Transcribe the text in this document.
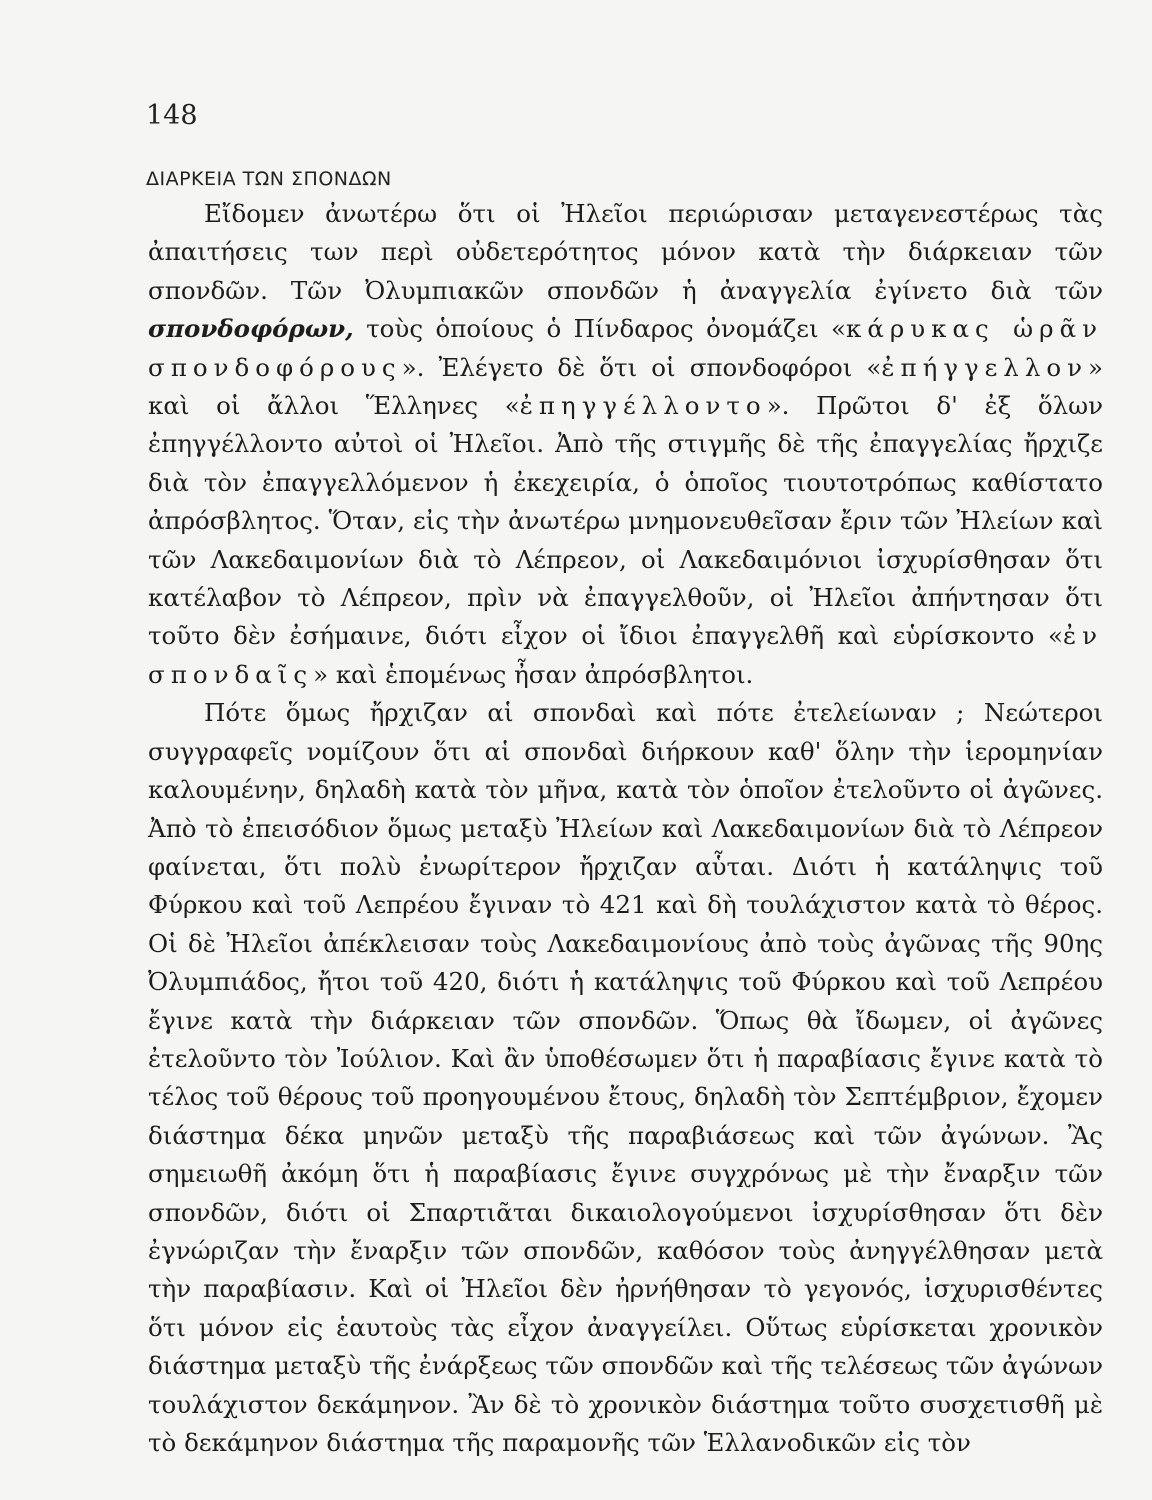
148
ΔΙΑΡΚΕΙΑ ΤΩΝ ΣΠΟΝΔΩΝ

Εἴδομεν ἀνωτέρω ὅτι οἱ Ἠλεῖοι περιώρισαν μεταγενεστέρως τὰς ἀπαιτήσεις των περὶ οὐδετερότητος μόνον κατὰ τὴν διάρκειαν τῶν σπονδῶν. Τῶν Ὀλυμπιακῶν σπονδῶν ἡ ἀναγγελία ἐγίνετο διὰ τῶν σπονδοφόρων, τοὺς ὁποίους ὁ Πίνδαρος ὀνομάζει «κάρυκας ὡρᾶν σπονδοφόρους». Ἐλέγετο δὲ ὅτι οἱ σπονδοφόροι «ἐπήγγελλον» καὶ οἱ ἄλλοι Ἕλληνες «ἐπηγγέλλοντο». Πρῶτοι δ' ἐξ ὅλων ἐπηγγέλλοντο αὐτοὶ οἱ Ἠλεῖοι. Ἀπὸ τῆς στιγμῆς δὲ τῆς ἐπαγγελίας ἤρχιζε διὰ τὸν ἐπαγγελλόμενον ἡ ἐκεχειρία, ὁ ὁποῖος τιουτοτρόπως καθίστατο ἀπρόσβλητος. Ὅταν, εἰς τὴν ἀνωτέρω μνημονευθεῖσαν ἔριν τῶν Ἠλείων καὶ τῶν Λακεδαιμονίων διὰ τὸ Λέπρεον, οἱ Λακεδαιμόνιοι ἰσχυρίσθησαν ὅτι κατέλαβον τὸ Λέπρεον, πρὶν νὰ ἐπαγγελθοῦν, οἱ Ἠλεῖοι ἀπήντησαν ὅτι τοῦτο δὲν ἐσήμαινε, διότι εἶχον οἱ ἴδιοι ἐπαγγελθῆ καὶ εὑρίσκοντο «ἐν σπονδαῖς» καὶ ἑπομένως ἦσαν ἀπρόσβλητοι.

Πότε ὅμως ἤρχιζαν αἱ σπονδαὶ καὶ πότε ἐτελείωναν ; Νεώτεροι συγγραφεῖς νομίζουν ὅτι αἱ σπονδαὶ διήρκουν καθ' ὅλην τὴν ἱερομηνίαν καλουμένην, δηλαδὴ κατὰ τὸν μῆνα, κατὰ τὸν ὁποῖον ἐτελοῦντο οἱ ἀγῶνες. Ἀπὸ τὸ ἐπεισόδιον ὅμως μεταξὺ Ἠλείων καὶ Λακεδαιμονίων διὰ τὸ Λέπρεον φαίνεται, ὅτι πολὺ ἐνωρίτερον ἤρχιζαν αὗται. Διότι ἡ κατάληψις τοῦ Φύρκου καὶ τοῦ Λεπρέου ἔγιναν τὸ 421 καὶ δὴ τουλάχιστον κατὰ τὸ θέρος. Οἱ δὲ Ἠλεῖοι ἀπέκλεισαν τοὺς Λακεδαιμονίους ἀπὸ τοὺς ἀγῶνας τῆς 90ης Ὀλυμπιάδος, ἤτοι τοῦ 420, διότι ἡ κατάληψις τοῦ Φύρκου καὶ τοῦ Λεπρέου ἔγινε κατὰ τὴν διάρκειαν τῶν σπονδῶν. Ὅπως θὰ ἴδωμεν, οἱ ἀγῶνες ἐτελοῦντο τὸν Ἰούλιον. Καὶ ἂν ὑποθέσωμεν ὅτι ἡ παραβίασις ἔγινε κατὰ τὸ τέλος τοῦ θέρους τοῦ προηγουμένου ἔτους, δηλαδὴ τὸν Σεπτέμβριον, ἔχομεν διάστημα δέκα μηνῶν μεταξὺ τῆς παραβιάσεως καὶ τῶν ἀγώνων. Ἂς σημειωθῆ ἀκόμη ὅτι ἡ παραβίασις ἔγινε συγχρόνως μὲ τὴν ἔναρξιν τῶν σπονδῶν, διότι οἱ Σπαρτιᾶται δικαιολογούμενοι ἰσχυρίσθησαν ὅτι δὲν ἐγνώριζαν τὴν ἔναρξιν τῶν σπονδῶν, καθόσον τοὺς ἀνηγγέλθησαν μετὰ τὴν παραβίασιν. Καὶ οἱ Ἠλεῖοι δὲν ἠρνήθησαν τὸ γεγονός, ἰσχυρισθέντες ὅτι μόνον εἰς ἑαυτοὺς τὰς εἶχον ἀναγγείλει. Οὕτως εὑρίσκεται χρονικὸν διάστημα μεταξὺ τῆς ἐνάρξεως τῶν σπονδῶν καὶ τῆς τελέσεως τῶν ἀγώνων τουλάχιστον δεκάμηνον. Ἂν δὲ τὸ χρονικὸν διάστημα τοῦτο συσχετισθῆ μὲ τὸ δεκάμηνον διάστημα τῆς παραμονῆς τῶν Ἑλλανοδικῶν εἰς τὸν
